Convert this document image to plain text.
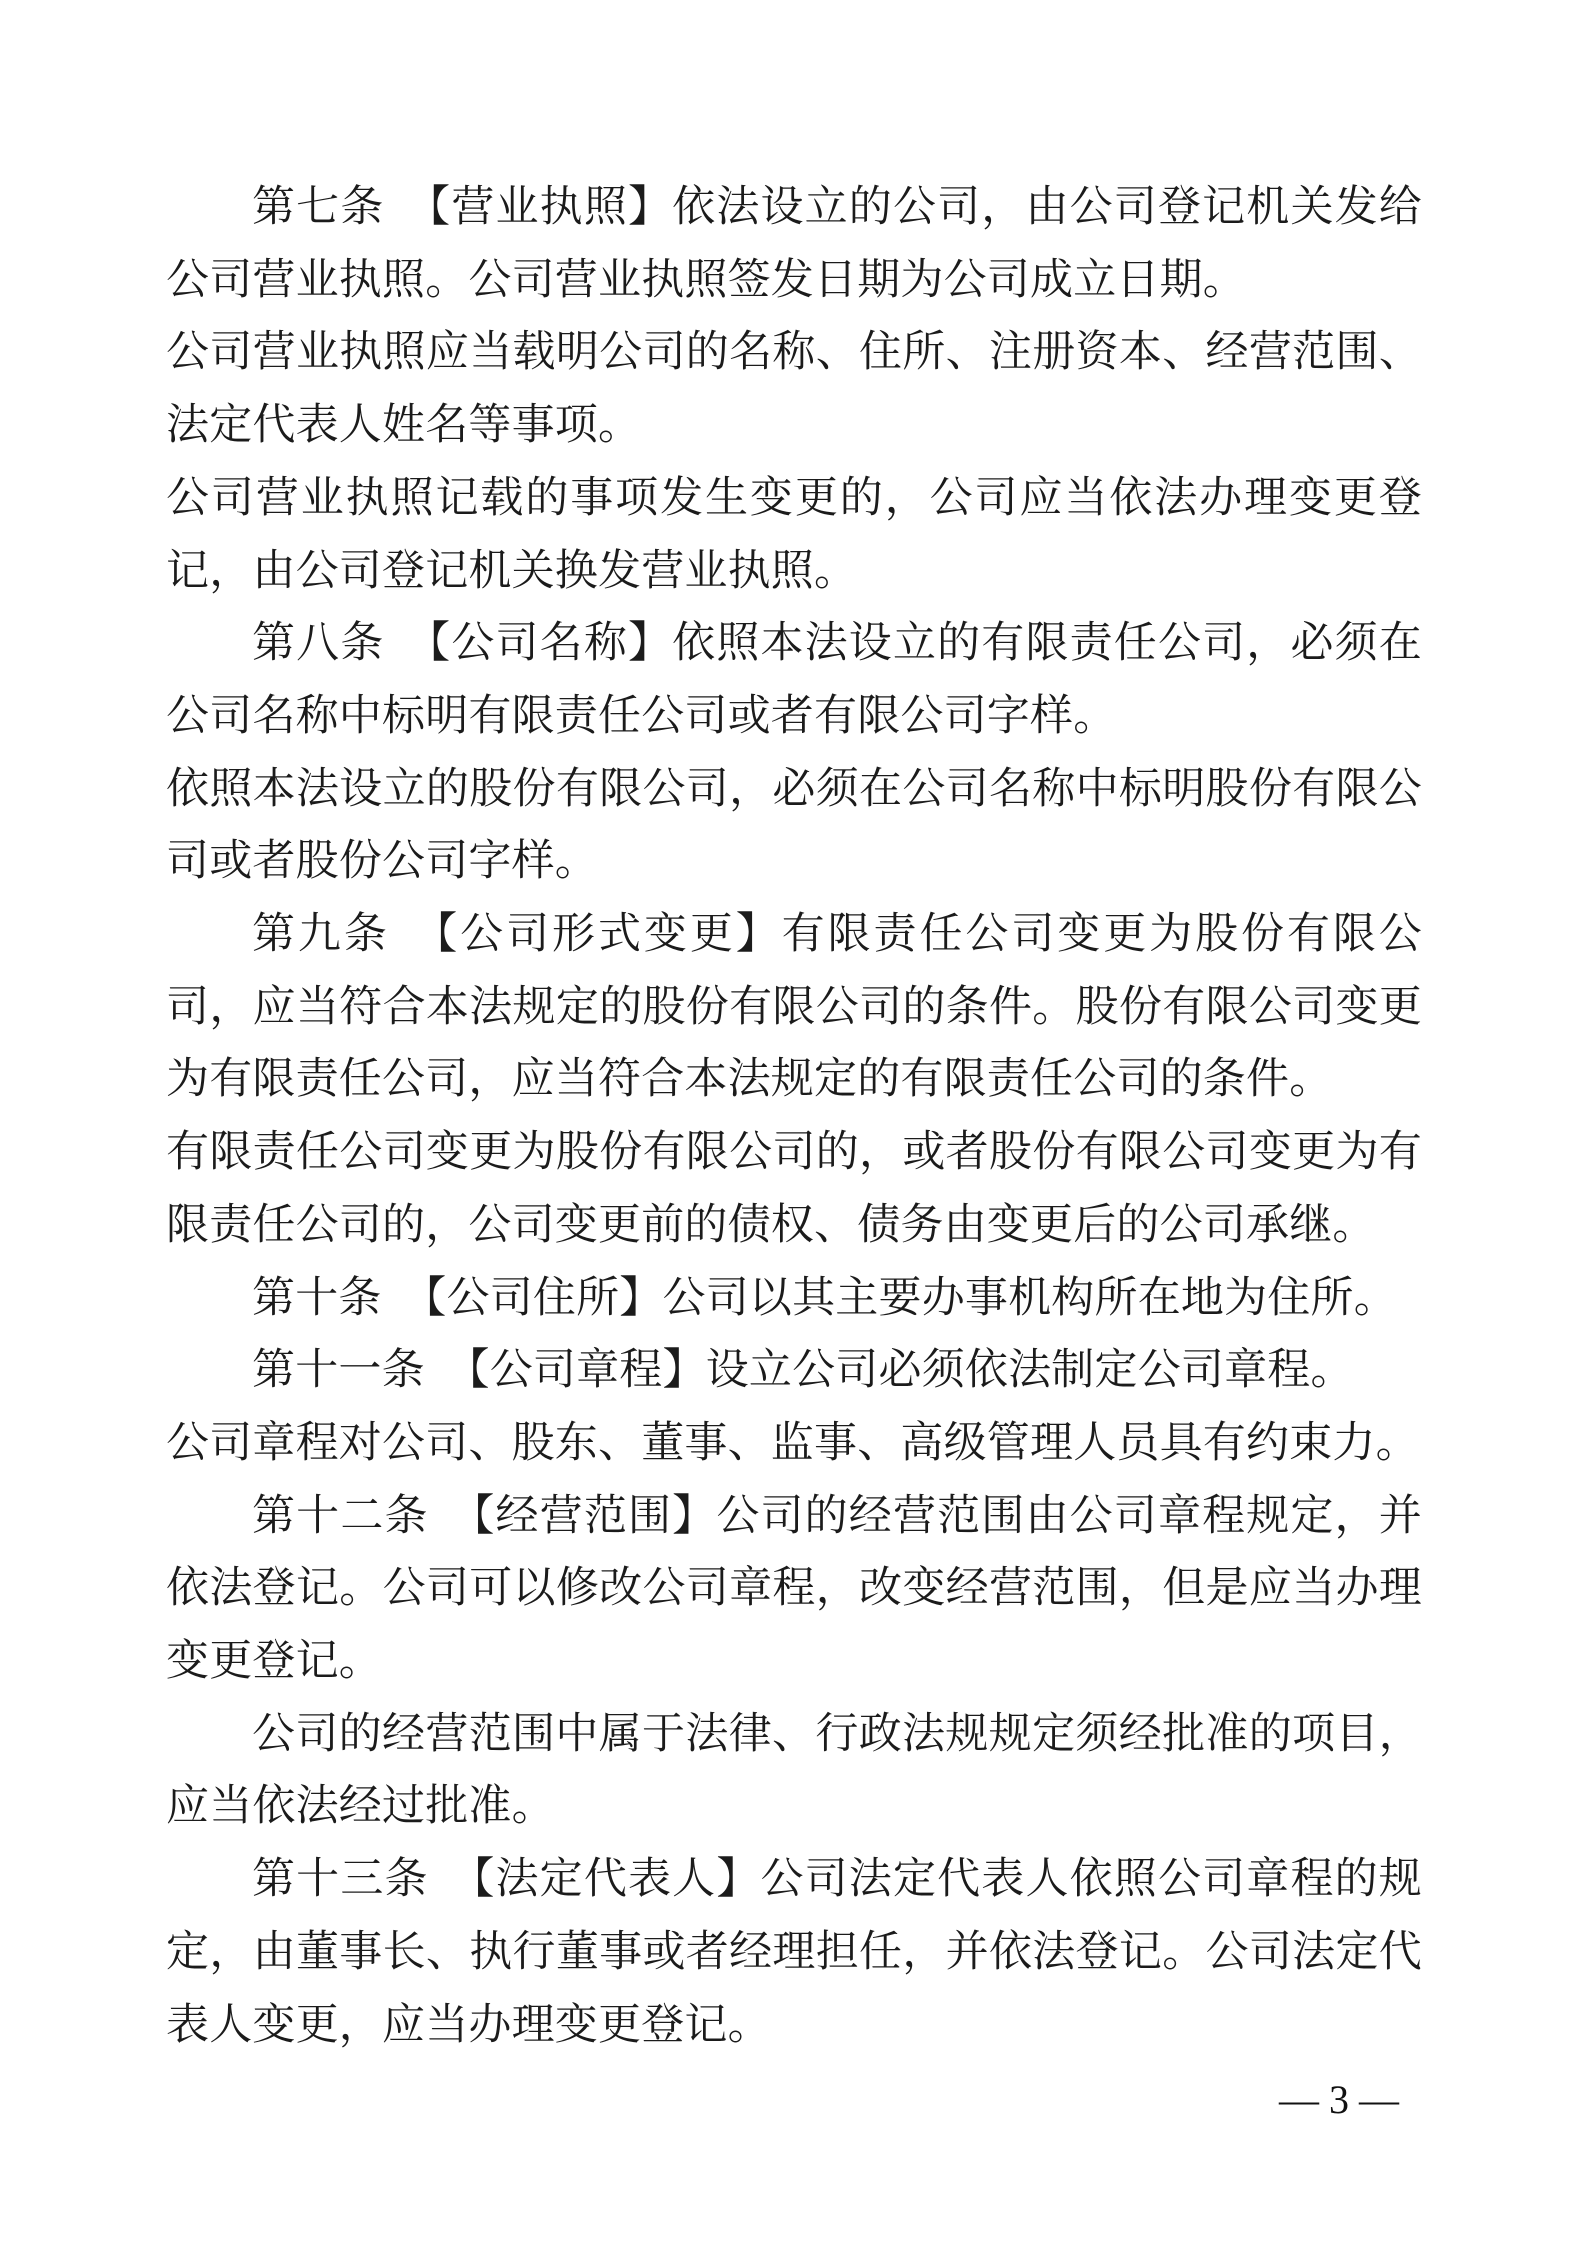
第七条　【营业执照】依法设立的公司，由公司登记机关发给公司营业执照。公司营业执照签发日期为公司成立日期。

公司营业执照应当载明公司的名称、住所、注册资本、经营范围、法定代表人姓名等事项。

公司营业执照记载的事项发生变更的，公司应当依法办理变更登记，由公司登记机关换发营业执照。

第八条　【公司名称】依照本法设立的有限责任公司，必须在公司名称中标明有限责任公司或者有限公司字样。

依照本法设立的股份有限公司，必须在公司名称中标明股份有限公司或者股份公司字样。

第九条　【公司形式变更】有限责任公司变更为股份有限公司，应当符合本法规定的股份有限公司的条件。股份有限公司变更为有限责任公司，应当符合本法规定的有限责任公司的条件。

有限责任公司变更为股份有限公司的，或者股份有限公司变更为有限责任公司的，公司变更前的债权、债务由变更后的公司承继。

第十条　【公司住所】公司以其主要办事机构所在地为住所。

第十一条　【公司章程】设立公司必须依法制定公司章程。

公司章程对公司、股东、董事、监事、高级管理人员具有约束力。

第十二条　【经营范围】公司的经营范围由公司章程规定，并依法登记。公司可以修改公司章程，改变经营范围，但是应当办理变更登记。

公司的经营范围中属于法律、行政法规规定须经批准的项目，应当依法经过批准。

第十三条　【法定代表人】公司法定代表人依照公司章程的规定，由董事长、执行董事或者经理担任，并依法登记。公司法定代表人变更，应当办理变更登记。

— 3 —
